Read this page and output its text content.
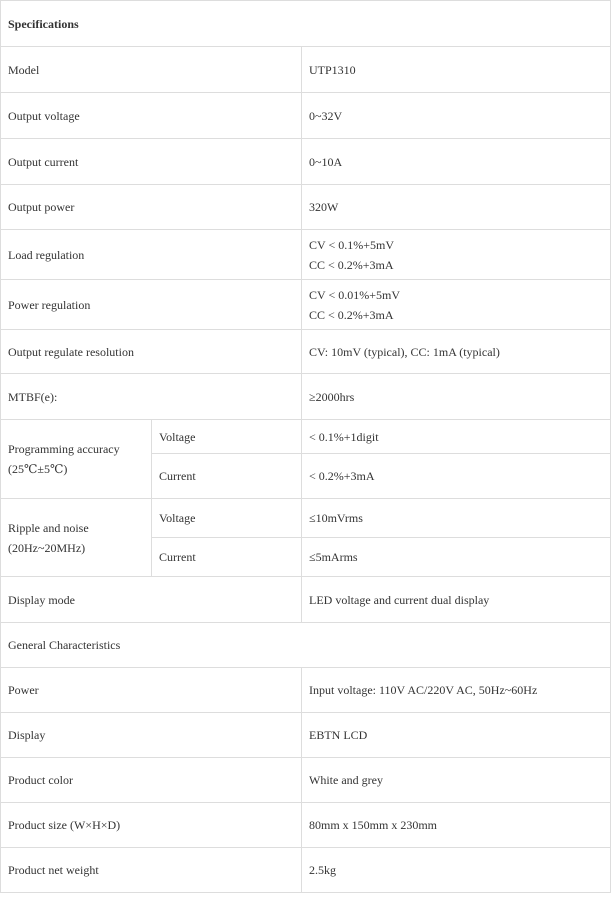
Specifications		
Model		UTP1310
Output voltage		0~32V
Output current		0~10A
Output power		320W
Load regulation		CV < 0.1%+5mV
CC < 0.2%+3mA

Power regulation		CV < 0.01%+5mV
CC < 0.2%+3mA

Output regulate resolution		CV: 10mV (typical), CC: 1mA (typical)
MTBF(e):		≥2000hrs

Programming accuracy
(25℃±5℃)	Voltage	< 0.1%+1digit
	Current	< 0.2%+3mA

Ripple and noise
(20Hz~20MHz)	Voltage	≤10mVrms
	Current	≤5mArms
Display mode		LED voltage and current dual display
General Characteristics		
Power		Input voltage: 110V AC/220V AC, 50Hz~60Hz
Display		EBTN LCD
Product color		White and grey
Product size (W×H×D)		80mm x 150mm x 230mm
Product net weight		2.5kg
